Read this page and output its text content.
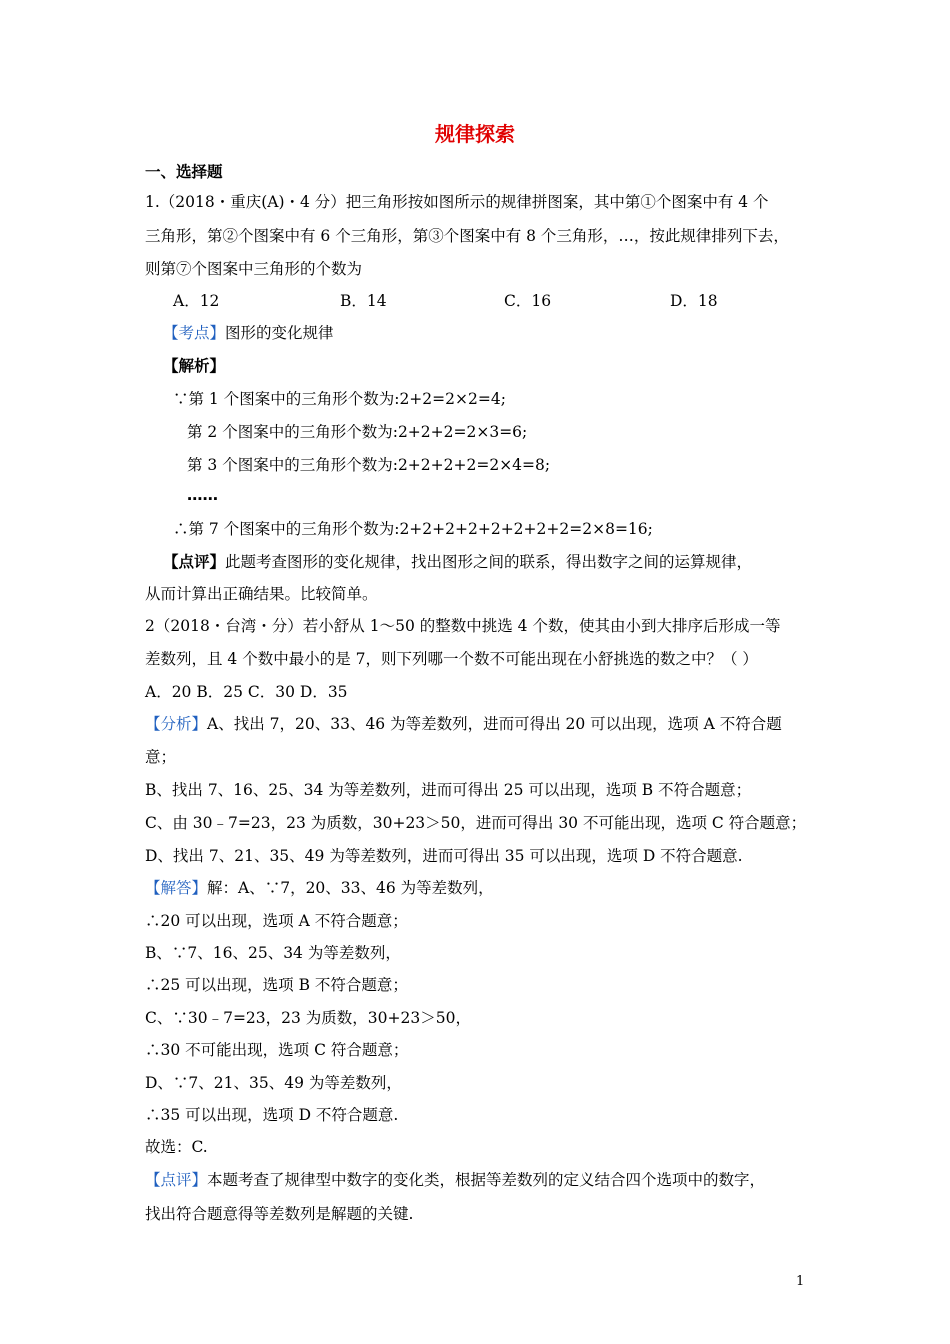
规律探索
一、选择题
1.（2018・重庆(A)・4 分）把三角形按如图所示的规律拼图案，其中第①个图案中有 4 个
三角形，第②个图案中有 6 个三角形，第③个图案中有 8 个三角形，…，按此规律排列下去，
则第⑦个图案中三角形的个数为
A．12	B．14	C．16	D．18
【考点】图形的变化规律
【解析】
∵第 1 个图案中的三角形个数为:2+2=2×2=4;
第 2 个图案中的三角形个数为:2+2+2=2×3=6;
第 3 个图案中的三角形个数为:2+2+2+2=2×4=8;
……
∴第 7 个图案中的三角形个数为:2+2+2+2+2+2+2+2=2×8=16;
【点评】此题考查图形的变化规律，找出图形之间的联系，得出数字之间的运算规律，
从而计算出正确结果。比较简单。
2（2018・台湾・分）若小舒从 1～50 的整数中挑选 4 个数，使其由小到大排序后形成一等
差数列，且 4 个数中最小的是 7，则下列哪一个数不可能出现在小舒挑选的数之中？（ ）
A．20 B．25 C．30 D．35
【分析】A、找出 7，20、33、46 为等差数列，进而可得出 20 可以出现，选项 A 不符合题
意；
B、找出 7、16、25、34 为等差数列，进而可得出 25 可以出现，选项 B 不符合题意；
C、由 30﹣7=23，23 为质数，30+23＞50，进而可得出 30 不可能出现，选项 C 符合题意；
D、找出 7、21、35、49 为等差数列，进而可得出 35 可以出现，选项 D 不符合题意.
【解答】解：A、∵7，20、33、46 为等差数列，
∴20 可以出现，选项 A 不符合题意；
B、∵7、16、25、34 为等差数列，
∴25 可以出现，选项 B 不符合题意；
C、∵30﹣7=23，23 为质数，30+23＞50，
∴30 不可能出现，选项 C 符合题意；
D、∵7、21、35、49 为等差数列，
∴35 可以出现，选项 D 不符合题意.
故选：C.
【点评】本题考查了规律型中数字的变化类，根据等差数列的定义结合四个选项中的数字，
找出符合题意得等差数列是解题的关键.
1
